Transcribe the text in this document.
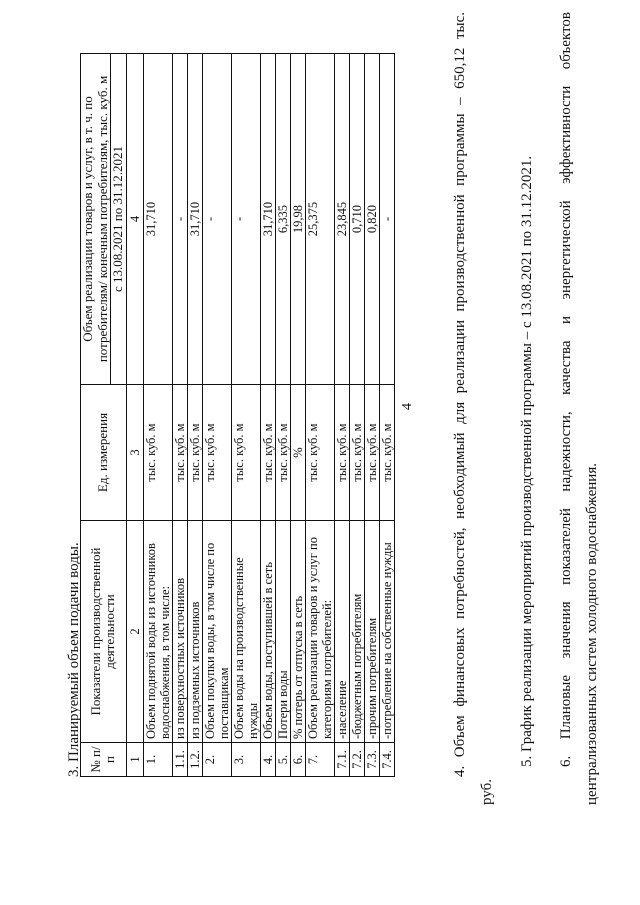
4
3. Планируемый объем подачи воды. № п/п	Показатели производственной деятельности	Ед. измерения	Объем реализации товаров и услуг, в т. ч. по потребителям/ конечным потребителям, тыс. куб. м
			с 13.08.2021 по 31.12.2021
1	2	3	4
1.	Объем поднятой воды из источников водоснабжения, в том числе:	тыс. куб. м	31,710
1.1.	из поверхностных источников	тыс. куб. м	-
1.2.	из подземных источников	тыс. куб. м	31,710
2.	Объем покупки воды, в том числе по поставщикам	тыс. куб. м	-
3.	Объем воды на производственные нужды	тыс. куб. м	-
4.	Объем воды, поступившей в сеть	тыс. куб. м	31,710
5.	Потери воды	тыс. куб. м	6,335
6.	% потерь от отпуска в сеть	%	19,98
7.	Объем реализации товаров и услуг по категориям потребителей:	тыс. куб. м	25,375
7.1.	-население	тыс. куб. м	23,845
7.2.	-бюджетным потребителям	тыс. куб. м	0,710
7.3.	-прочим потребителям	тыс. куб. м	0,820
7.4.	-потребление на собственные нужды	тыс. куб. м	-	4. Объем финансовых потребностей, необходимый для реализации производственной программы – 650,12 тыс.
руб.
5. График реализации мероприятий производственной программы – с 13.08.2021 по 31.12.2021. 6. Плановые значения показателей надежности, качества и энергетической эффективности объектов централизованных систем холодного водоснабжения.
